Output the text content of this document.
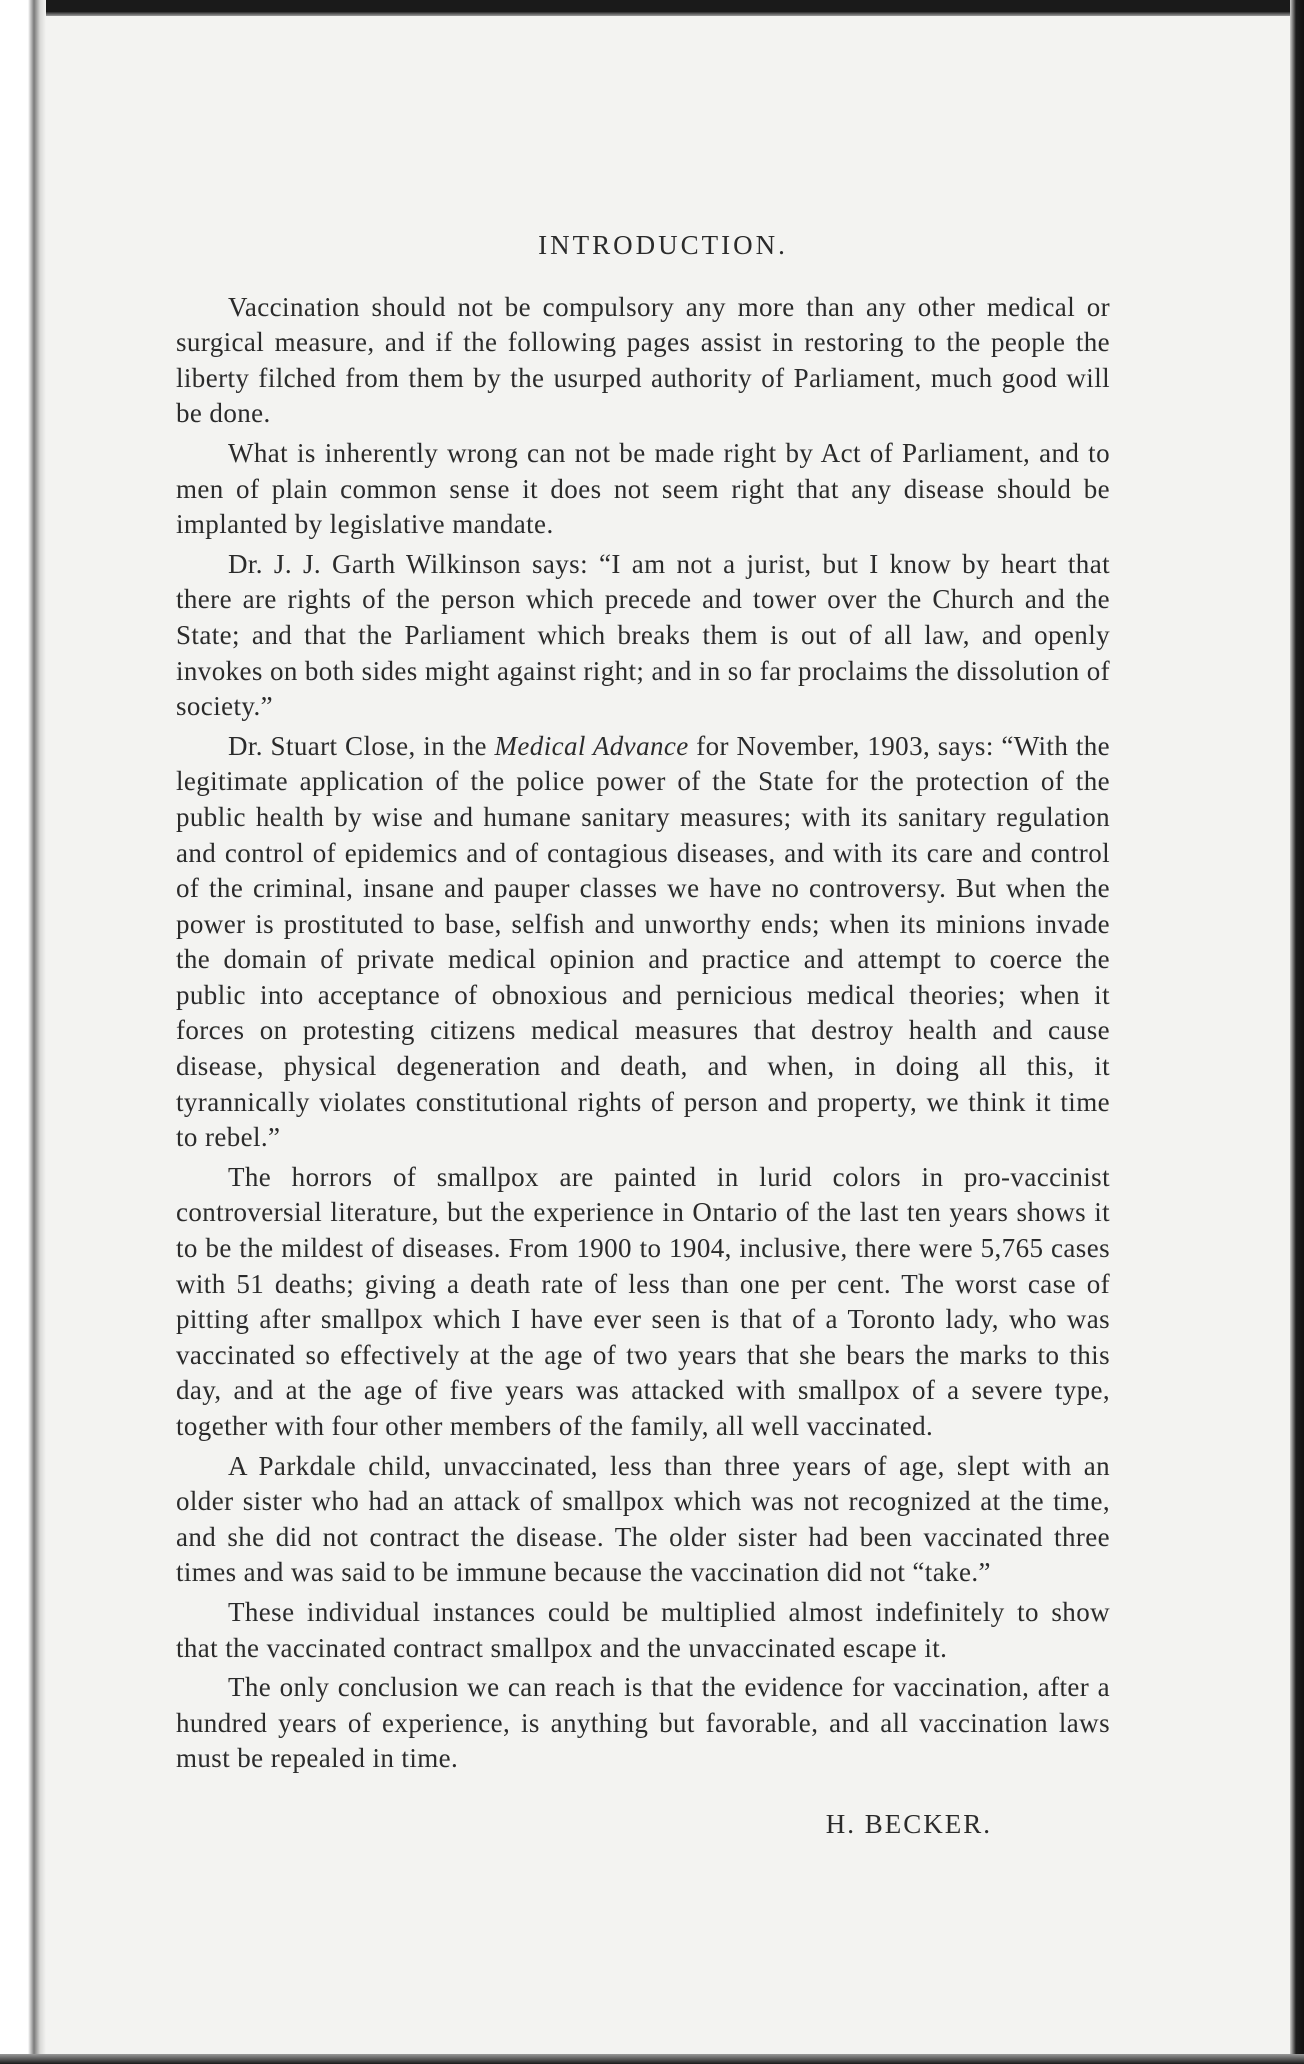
INTRODUCTION.

Vaccination should not be compulsory any more than any other medical or surgical measure, and if the following pages assist in restoring to the people the liberty filched from them by the usurped authority of Parliament, much good will be done.

What is inherently wrong can not be made right by Act of Parliament, and to men of plain common sense it does not seem right that any disease should be implanted by legislative mandate.

Dr. J. J. Garth Wilkinson says: “I am not a jurist, but I know by heart that there are rights of the person which precede and tower over the Church and the State; and that the Parliament which breaks them is out of all law, and openly invokes on both sides might against right; and in so far proclaims the dissolution of society.”

Dr. Stuart Close, in the Medical Advance for November, 1903, says: “With the legitimate application of the police power of the State for the protection of the public health by wise and humane sanitary measures; with its sanitary regulation and control of epidemics and of contagious diseases, and with its care and control of the criminal, insane and pauper classes we have no controversy. But when the power is prostituted to base, selfish and unworthy ends; when its minions invade the domain of private medical opinion and practice and attempt to coerce the public into acceptance of obnoxious and pernicious medical theories; when it forces on protesting citizens medical measures that destroy health and cause disease, physical degeneration and death, and when, in doing all this, it tyrannically violates constitutional rights of person and property, we think it time to rebel.”

The horrors of smallpox are painted in lurid colors in pro-vaccinist controversial literature, but the experience in Ontario of the last ten years shows it to be the mildest of diseases. From 1900 to 1904, inclusive, there were 5,765 cases with 51 deaths; giving a death rate of less than one per cent. The worst case of pitting after smallpox which I have ever seen is that of a Toronto lady, who was vaccinated so effectively at the age of two years that she bears the marks to this day, and at the age of five years was attacked with smallpox of a severe type, together with four other members of the family, all well vaccinated.

A Parkdale child, unvaccinated, less than three years of age, slept with an older sister who had an attack of smallpox which was not recognized at the time, and she did not contract the disease. The older sister had been vaccinated three times and was said to be immune because the vaccination did not “take.”

These individual instances could be multiplied almost indefinitely to show that the vaccinated contract smallpox and the unvaccinated escape it.

The only conclusion we can reach is that the evidence for vaccination, after a hundred years of experience, is anything but favorable, and all vaccination laws must be repealed in time.

H. BECKER.
